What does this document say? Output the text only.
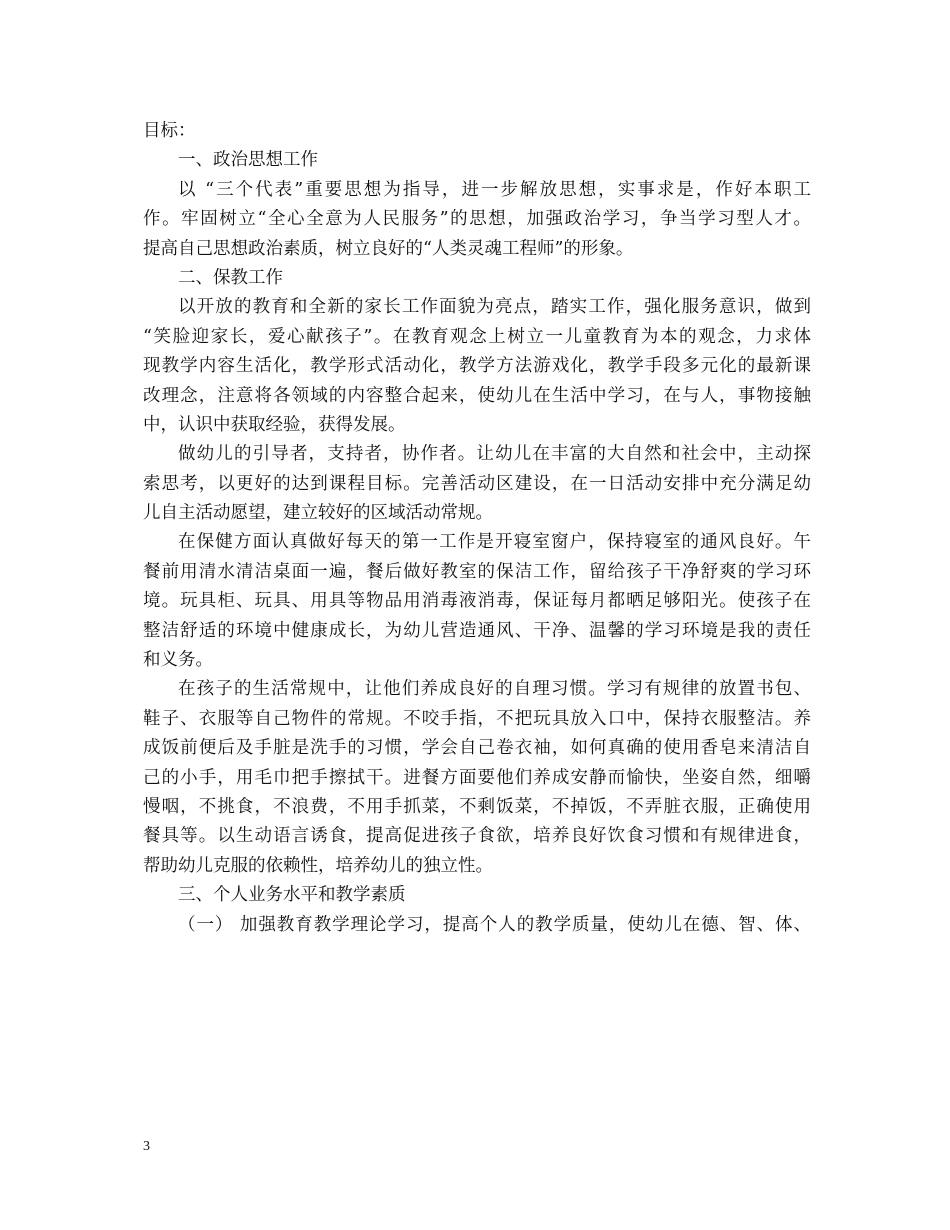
目标：
一、政治思想工作
以 “三个代表”重要思想为指导，进一步解放思想，实事求是，作好本职工
作。牢固树立“全心全意为人民服务”的思想，加强政治学习，争当学习型人才。
提高自己思想政治素质，树立良好的“人类灵魂工程师”的形象。
二、保教工作
以开放的教育和全新的家长工作面貌为亮点，踏实工作，强化服务意识，做到
“笑脸迎家长，爱心献孩子”。在教育观念上树立一儿童教育为本的观念，力求体
现教学内容生活化，教学形式活动化，教学方法游戏化，教学手段多元化的最新课
改理念，注意将各领域的内容整合起来，使幼儿在生活中学习，在与人，事物接触
中，认识中获取经验，获得发展。
做幼儿的引导者，支持者，协作者。让幼儿在丰富的大自然和社会中，主动探
索思考，以更好的达到课程目标。完善活动区建设，在一日活动安排中充分满足幼
儿自主活动愿望，建立较好的区域活动常规。
在保健方面认真做好每天的第一工作是开寝室窗户，保持寝室的通风良好。午
餐前用清水清洁桌面一遍，餐后做好教室的保洁工作，留给孩子干净舒爽的学习环
境。玩具柜、玩具、用具等物品用消毒液消毒，保证每月都晒足够阳光。使孩子在
整洁舒适的环境中健康成长，为幼儿营造通风、干净、温馨的学习环境是我的责任
和义务。
在孩子的生活常规中，让他们养成良好的自理习惯。学习有规律的放置书包、
鞋子、衣服等自己物件的常规。不咬手指，不把玩具放入口中，保持衣服整洁。养
成饭前便后及手脏是洗手的习惯，学会自己卷衣袖，如何真确的使用香皂来清洁自
己的小手，用毛巾把手擦拭干。进餐方面要他们养成安静而愉快，坐姿自然，细嚼
慢咽，不挑食，不浪费，不用手抓菜，不剩饭菜，不掉饭，不弄脏衣服，正确使用
餐具等。以生动语言诱食，提高促进孩子食欲，培养良好饮食习惯和有规律进食，
帮助幼儿克服的依赖性，培养幼儿的独立性。
三、个人业务水平和教学素质
（一） 加强教育教学理论学习，提高个人的教学质量，使幼儿在德、智、体、
3
